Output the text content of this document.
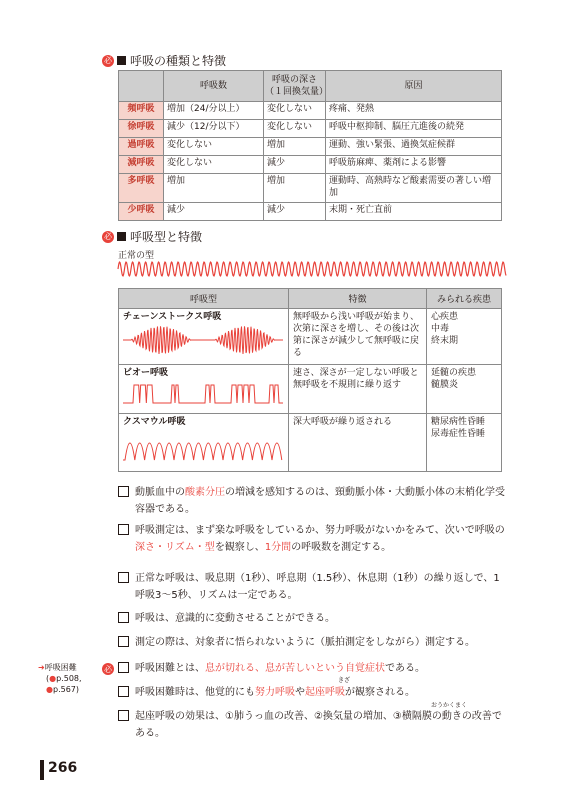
必 呼吸の種類と特徴
	呼吸数	呼吸の深さ
（１回換気量）	原因
頻呼吸	増加（24/分以上）	変化しない	疼痛、発熱
徐呼吸	減少（12/分以下）	変化しない	呼吸中枢抑制、脳圧亢進後の続発
過呼吸	変化しない	増加	運動、強い緊張、過換気症候群
減呼吸	変化しない	減少	呼吸筋麻痺、薬剤による影響
多呼吸	増加	増加	運動時、高熱時など酸素需要の著しい増加
少呼吸	減少	減少	末期・死亡直前
必 呼吸型と特徴
正常の型
呼吸型	特徴	みられる疾患

チェーンストークス呼吸	無呼吸から浅い呼吸が始まり、次第に深さを増し、その後は次第に深さが減少して無呼吸に戻る	心疾患
中毒
終末期

ビオー呼吸	速さ、深さが一定しない呼吸と無呼吸を不規則に繰り返す	延髄の疾患
髄膜炎

クスマウル呼吸	深大呼吸が繰り返される	糖尿病性昏睡
尿毒症性昏睡
動脈血中の酸素分圧の増減を感知するのは、頸動脈小体・大動脈小体の末梢化学受容器である。
呼吸測定は、まず楽な呼吸をしているか、努力呼吸がないかをみて、次いで呼吸の深さ・リズム・型を観察し、1分間の呼吸数を測定する。
正常な呼吸は、吸息期（1秒）、呼息期（1.5秒）、休息期（1秒）の繰り返しで、1呼吸3～5秒、リズムは一定である。
呼吸は、意識的に変動させることができる。
測定の際は、対象者に悟られないように（脈拍測定をしながら）測定する。
➜呼吸困難
(●p.508,
●p.567)
必	呼吸困難とは、息が切れる、息が苦しいという自覚症状である。
きざ
呼吸困難時は、他覚的にも努力呼吸や起座呼吸が観察される。
おうかくまく
起座呼吸の効果は、①肺うっ血の改善、②換気量の増加、③横隔膜の動きの改善である。
266
